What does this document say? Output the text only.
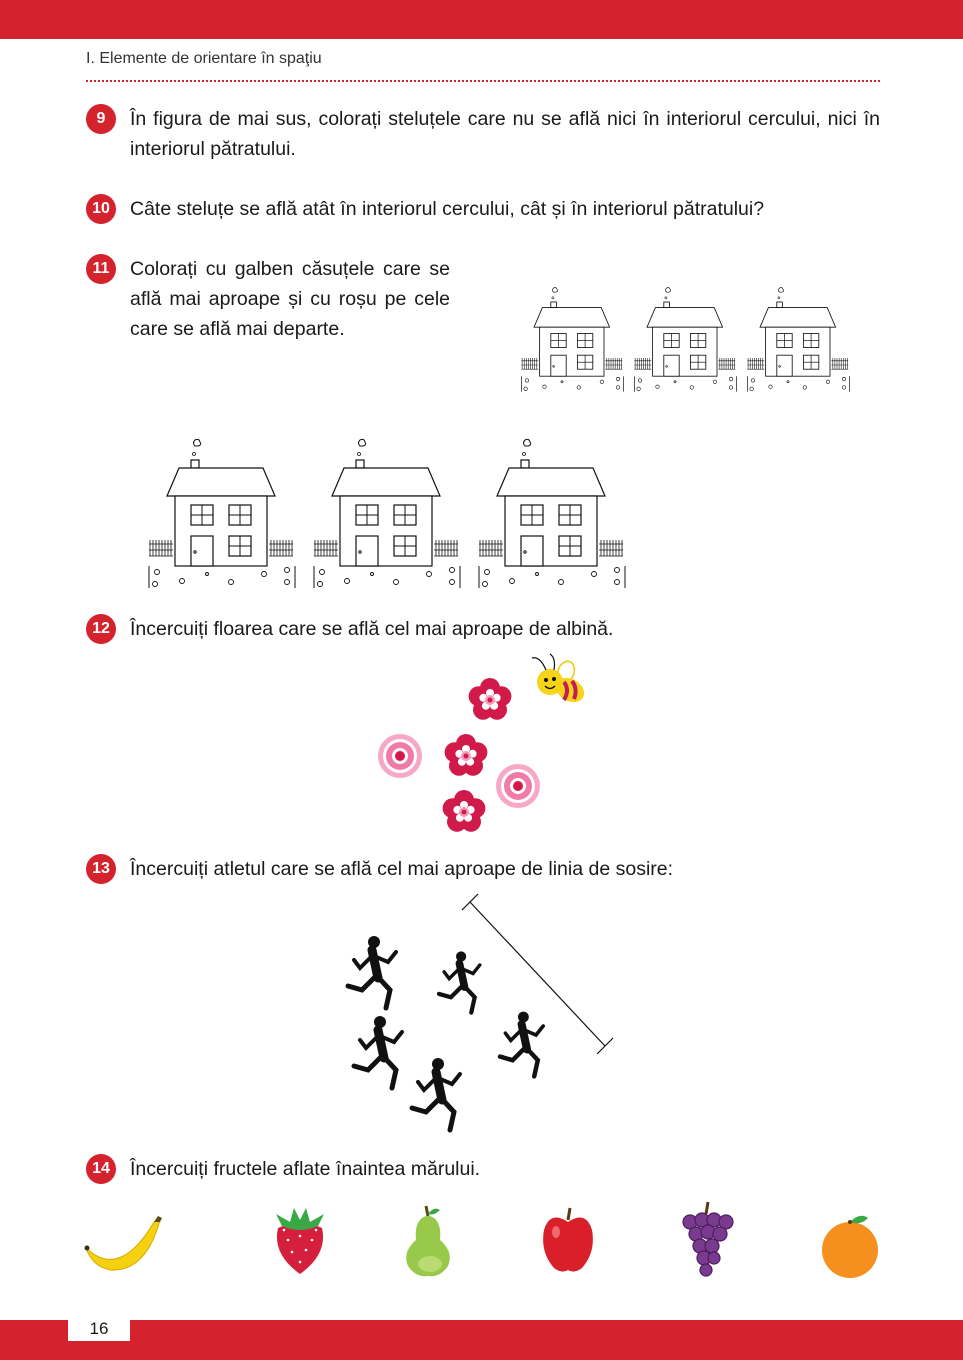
I. Elemente de orientare în spaţiu
9	În figura de mai sus, colorați steluțele care nu se află nici în interiorul cercului, nici în interiorul pătratului.
10	Câte steluțe se află atât în interiorul cercului, cât și în interiorul pătratului?
11	Colorați cu galben căsuțele care se află mai aproape și cu roșu pe cele care se află mai departe.
12	Încercuiți floarea care se află cel mai aproape de albină.
13	Încercuiți atletul care se află cel mai aproape de linia de sosire:
14	Încercuiți fructele aflate înaintea mărului.
16
